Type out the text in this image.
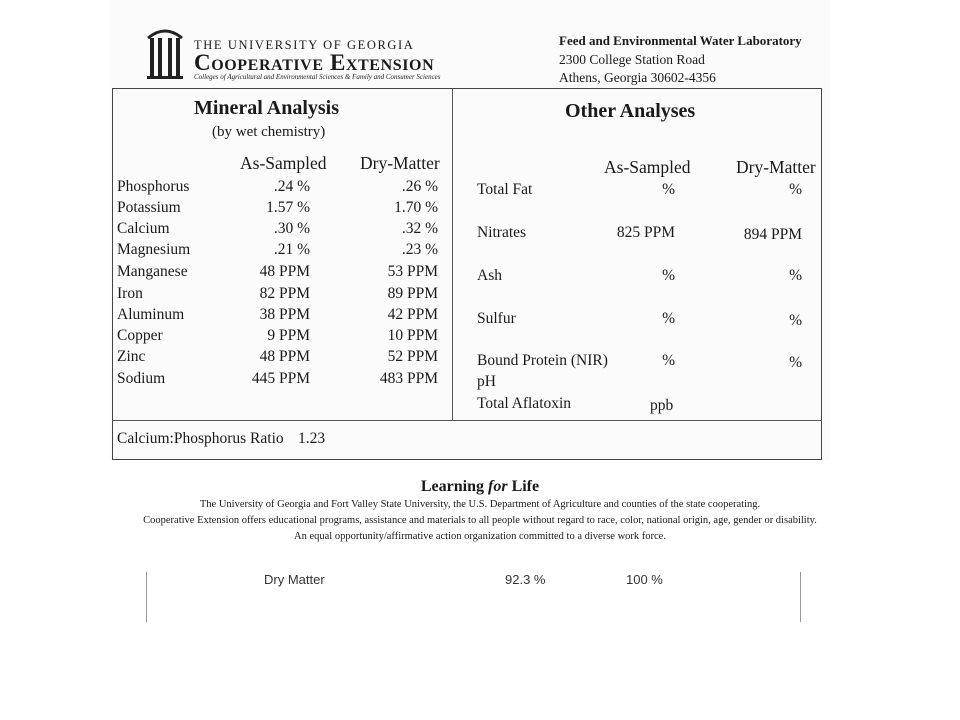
THE UNIVERSITY OF GEORGIA
Cooperative Extension
Colleges of Agricultural and Environmental Sciences & Family and Consumer Sciences
Feed and Environmental Water Laboratory
2300 College Station Road
Athens, Georgia 30602-4356
Mineral Analysis
(by wet chemistry)
As-Sampled Dry-Matter
Phosphorus	.24 %	.26 %
Potassium	1.57 %	1.70 %
Calcium	.30 %	.32 %
Magnesium	.21 %	.23 %
Manganese	48 PPM	53 PPM
Iron	82 PPM	89 PPM
Aluminum	38 PPM	42 PPM
Copper	9 PPM	10 PPM
Zinc	48 PPM	52 PPM
Sodium	445 PPM	483 PPM
Calcium:Phosphorus Ratio 1.23
Other Analyses
As-Sampled	Dry-Matter
Total Fat	%	%
Nitrates	825 PPM	894 PPM
Ash	%	%
Sulfur	%	%
Bound Protein (NIR)	%	%
pH
Total Aflatoxin	ppb
Learning for Life
The University of Georgia and Fort Valley State University, the U.S. Department of Agriculture and counties of the state cooperating.
Cooperative Extension offers educational programs, assistance and materials to all people without regard to race, color, national origin, age, gender or disability.
An equal opportunity/affirmative action organization committed to a diverse work force.
Dry Matter	92.3 %	100 %
